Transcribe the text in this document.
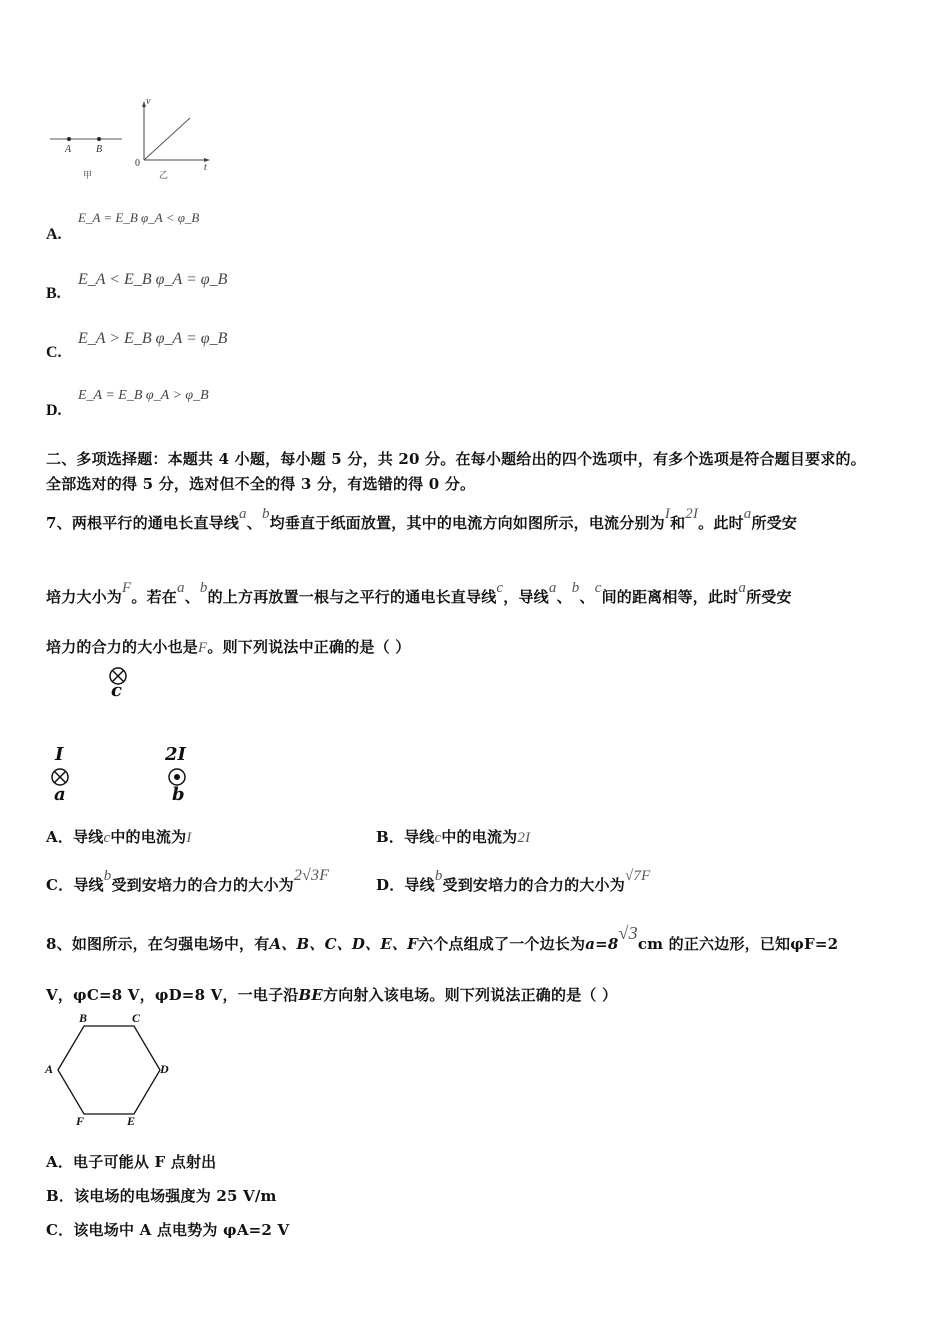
A B
v
t
0
甲	乙
A.
E_A = E_B φ_A < φ_B
B.
E_A < E_B φ_A = φ_B
C.
E_A > E_B φ_A = φ_B
D.
E_A = E_B φ_A > φ_B
二、多项选择题：本题共 4 小题，每小题 5 分，共 20 分。在每小题给出的四个选项中，有多个选项是符合题目要求的。
全部选对的得 5 分，选对但不全的得 3 分，有选错的得 0 分。
7、两根平行的通电长直导线a、b均垂直于纸面放置，其中的电流方向如图所示，电流分别为I和2I。此时a所受安
培力大小为F。若在a、b的上方再放置一根与之平行的通电长直导线c，导线a、b、c间的距离相等，此时a所受安
培力的合力的大小也是F。则下列说法中正确的是（ ）
c
I
a
2I
b
A．导线c中的电流为I	B．导线c中的电流为2I
C．导线b受到安培力的合力的大小为2√3F
D．导线b受到安培力的合力的大小为√7F
8、如图所示，在匀强电场中，有A、B、C、D、E、F六个点组成了一个边长为a=8√3cm 的正六边形，已知φF=2
V，φC=8 V，φD=8 V，一电子沿BE方向射入该电场。则下列说法正确的是（ ）
B	C
A	D
F	E
A．电子可能从 F 点射出
B．该电场的电场强度为 25 V/m
C．该电场中 A 点电势为 φA=2 V
